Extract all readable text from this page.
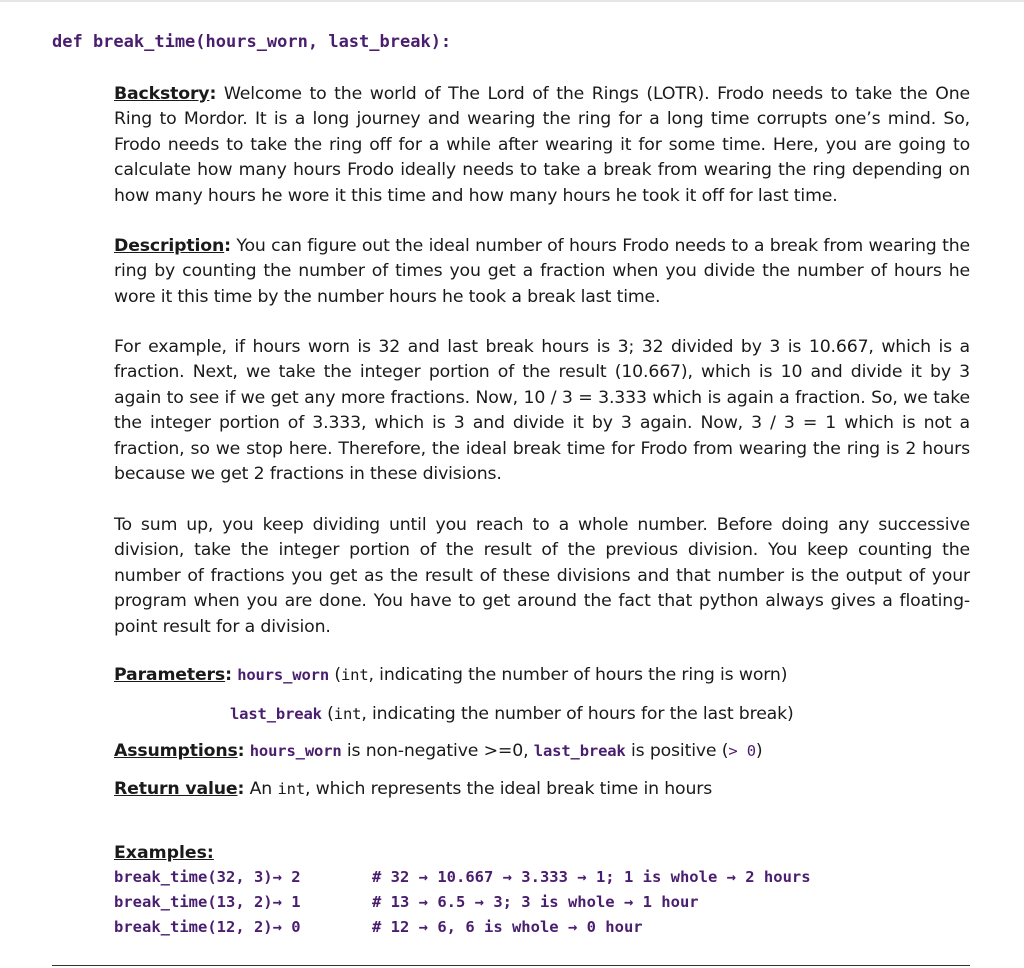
def break_time(hours_worn, last_break):
Backstory: Welcome to the world of The Lord of the Rings (LOTR). Frodo needs to take the One Ring to Mordor. It is a long journey and wearing the ring for a long time corrupts one’s mind. So, Frodo needs to take the ring off for a while after wearing it for some time. Here, you are going to calculate how many hours Frodo ideally needs to take a break from wearing the ring depending on how many hours he wore it this time and how many hours he took it off for last time.
Description: You can figure out the ideal number of hours Frodo needs to a break from wearing the ring by counting the number of times you get a fraction when you divide the number of hours he wore it this time by the number hours he took a break last time.
For example, if hours worn is 32 and last break hours is 3; 32 divided by 3 is 10.667, which is a fraction. Next, we take the integer portion of the result (10.667), which is 10 and divide it by 3 again to see if we get any more fractions. Now, 10 / 3 = 3.333 which is again a fraction. So, we take the integer portion of 3.333, which is 3 and divide it by 3 again. Now, 3 / 3 = 1 which is not a fraction, so we stop here. Therefore, the ideal break time for Frodo from wearing the ring is 2 hours because we get 2 fractions in these divisions.
To sum up, you keep dividing until you reach to a whole number. Before doing any successive division, take the integer portion of the result of the previous division. You keep counting the number of fractions you get as the result of these divisions and that number is the output of your program when you are done. You have to get around the fact that python always gives a floating-point result for a division.
Parameters: hours_worn (int, indicating the number of hours the ring is worn)
last_break (int, indicating the number of hours for the last break)
Assumptions: hours_worn is non-negative >=0, last_break is positive (> 0)
Return value: An int, which represents the ideal break time in hours
Examples:
break_time(32, 3)→ 2	# 32 → 10.667 → 3.333 → 1; 1 is whole → 2 hours
break_time(13, 2)→ 1	# 13 → 6.5 → 3; 3 is whole → 1 hour
break_time(12, 2)→ 0	# 12 → 6, 6 is whole → 0 hour
